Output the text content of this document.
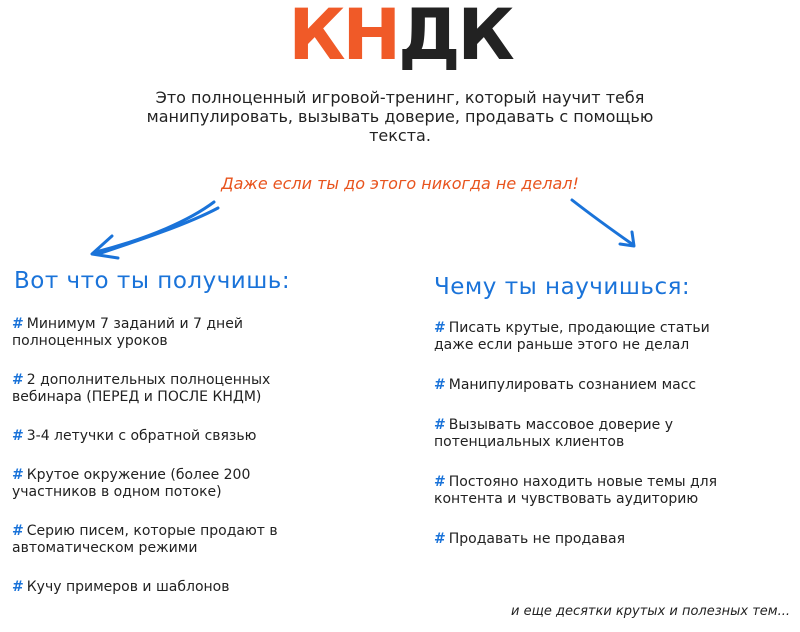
КНДК
Это полноценный игровой-тренинг, который научит тебя
манипулировать, вызывать доверие, продавать с помощью
текста.
Даже если ты до этого никогда не делал!
Вот что ты получишь:
# Минимум 7 заданий и 7 дней
полноценных уроков
# 2 дополнительных полноценных
вебинара (ПЕРЕД и ПОСЛЕ КНДМ)
# 3-4 летучки с обратной связью
# Крутое окружение (более 200
участников в одном потоке)
# Серию писем, которые продают в
автоматическом режими
# Кучу примеров и шаблонов
Чему ты научишься:
# Писать крутые, продающие статьи
даже если раньше этого не делал
# Манипулировать сознанием масс
# Вызывать массовое доверие у
потенциальных клиентов
# Постояно находить новые темы для
контента и чувствовать аудиторию
# Продавать не продавая
и еще десятки крутых и полезных тем...
